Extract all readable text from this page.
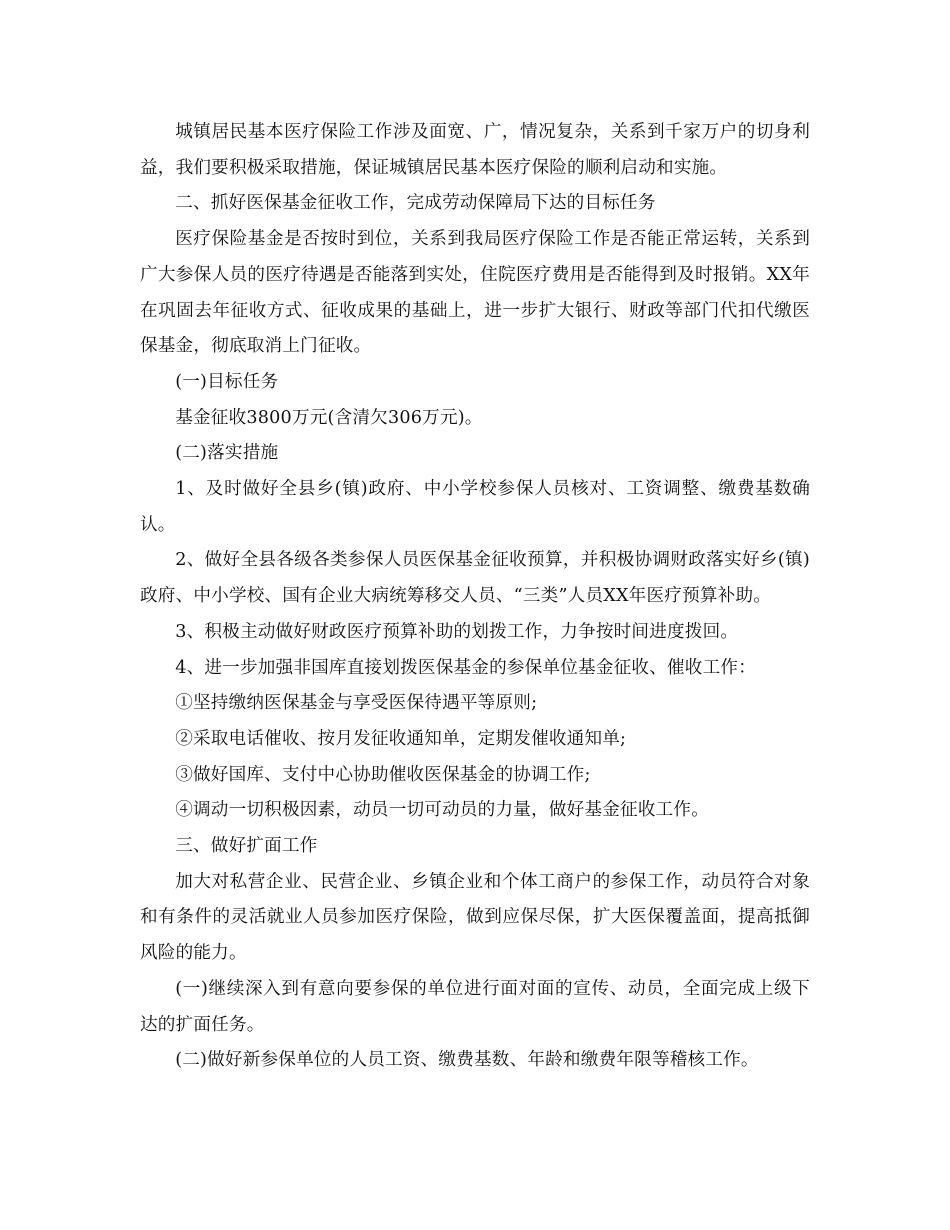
城镇居民基本医疗保险工作涉及面宽、广，情况复杂，关系到千家万户的切身利益，我们要积极采取措施，保证城镇居民基本医疗保险的顺利启动和实施。

二、抓好医保基金征收工作，完成劳动保障局下达的目标任务

医疗保险基金是否按时到位，关系到我局医疗保险工作是否能正常运转，关系到广大参保人员的医疗待遇是否能落到实处，住院医疗费用是否能得到及时报销。XX年在巩固去年征收方式、征收成果的基础上，进一步扩大银行、财政等部门代扣代缴医保基金，彻底取消上门征收。

(一)目标任务

基金征收3800万元(含清欠306万元)。

(二)落实措施

1、及时做好全县乡(镇)政府、中小学校参保人员核对、工资调整、缴费基数确认。

2、做好全县各级各类参保人员医保基金征收预算，并积极协调财政落实好乡(镇)政府、中小学校、国有企业大病统筹移交人员、“三类”人员XX年医疗预算补助。

3、积极主动做好财政医疗预算补助的划拨工作，力争按时间进度拨回。

4、进一步加强非国库直接划拨医保基金的参保单位基金征收、催收工作：

①坚持缴纳医保基金与享受医保待遇平等原则;

②采取电话催收、按月发征收通知单，定期发催收通知单;

③做好国库、支付中心协助催收医保基金的协调工作;

④调动一切积极因素，动员一切可动员的力量，做好基金征收工作。

三、做好扩面工作

加大对私营企业、民营企业、乡镇企业和个体工商户的参保工作，动员符合对象和有条件的灵活就业人员参加医疗保险，做到应保尽保，扩大医保覆盖面，提高抵御风险的能力。

(一)继续深入到有意向要参保的单位进行面对面的宣传、动员，全面完成上级下达的扩面任务。

(二)做好新参保单位的人员工资、缴费基数、年龄和缴费年限等稽核工作。
